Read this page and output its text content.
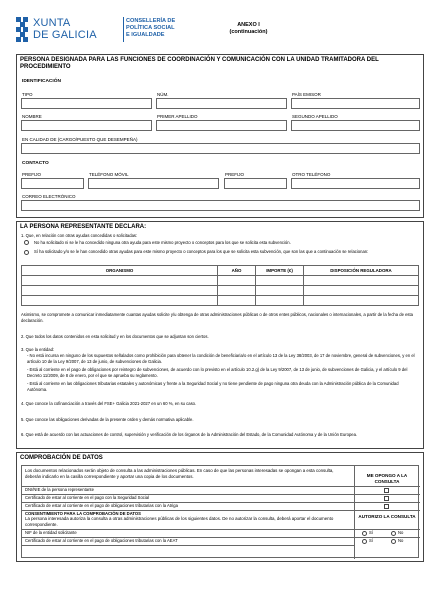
XUNTA
DE GALICIA
CONSELLERÍA DE
POLÍTICA SOCIAL
E IGUALDADE
ANEXO I
(continuación)
PERSONA DESIGNADA PARA LAS FUNCIONES DE COORDINACIÓN Y COMUNICACIÓN CON LA UNIDAD TRAMITADORA DEL PROCEDIMIENTO
IDENTIFICACIÓN
TIPO	NÚM.	PAÍS EMISOR
NOMBRE	PRIMER APELLIDO	SEGUNDO APELLIDO
EN CALIDAD DE (CARGO/PUESTO QUE DESEMPEÑA)
CONTACTO
PREFIJO	TELÉFONO MÓVIL	PREFIJO	OTRO TELÉFONO
CORREO ELECTRÓNICO
LA PERSONA REPRESENTANTE DECLARA:
1. Que, en relación con otras ayudas concedidas o solicitadas:
No ha solicitado ni se le ha concedido ninguna otra ayuda para este mismo proyecto o conceptos para los que se solicita esta subvención.
Sí ha solicitado y/o se le han concedido otras ayudas para este mismo proyecto o conceptos para los que se solicita esta subvención, que son las que a continuación se relacionan:
ORGANISMO	AÑO	IMPORTE (€)	DISPOSICIÓN REGULADORA

Asimismo, se compromete a comunicar inmediatamente cuantas ayudas solicite y/u obtenga de otras administraciones públicas o de otros entes públicos, nacionales o internacionales, a partir de la fecha de esta declaración.
2. Que todos los datos contenidos en esta solicitud y en los documentos que se adjuntan son ciertos.
3. Que la entidad:
- No está incursa en ninguno de los supuestos señalados como prohibición para obtener la condición de beneficiaria/o en el artículo 13 de la Ley 38/2003, de 17 de noviembre, general de subvenciones, y en el artículo 10 de la Ley 9/2007, de 13 de junio, de subvenciones de Galicia.
- Está al corriente en el pago de obligaciones por reintegro de subvenciones, de acuerdo con lo previsto en el artículo 10.2.g) de la Ley 9/2007, de 13 de junio, de subvenciones de Galicia, y el artículo 9 del Decreto 11/2009, de 8 de enero, por el que se aprueba su reglamento.
- Está al corriente en las obligaciones tributarias estatales y autonómicas y frente a la Seguridad Social y no tiene pendiente de pago ninguna otra deuda con la Administración pública de la Comunidad Autónoma.
4. Que conoce la cofinanciación a través del FSE+ Galicia 2021-2027 en un 60 %, en su caso.
5. Que conoce las obligaciones derivadas de la presente orden y demás normativa aplicable.
6. Que está de acuerdo con las actuaciones de control, supervisión y verificación de los órganos de la Administración del Estado, de la Comunidad Autónoma y de la Unión Europea.
COMPROBACIÓN DE DATOS
Los documentos relacionados serán objeto de consulta a las administraciones públicas. En caso de que las personas interesadas se opongan a esta consulta, deberán indicarlo en la casilla correspondiente y aportar una copia de los documentos.	ME OPONGO A LA CONSULTA
DNI/NIE de la persona representante
Certificado de estar al corriente en el pago con la Seguridad Social
Certificado de estar al corriente en el pago de obligaciones tributarias con la Atriga
CONSENTIMIENTO PARA LA COMPROBACIÓN DE DATOS
La persona interesada autoriza la consulta a otras administraciones públicas de los siguientes datos. De no autorizar la consulta, deberá aportar el documento correspondiente.
AUTORIZO LA CONSULTA
NIF de la entidad solicitante	Sí	No
Certificado de estar al corriente en el pago de obligaciones tributarias con la AEAT	Sí	No
